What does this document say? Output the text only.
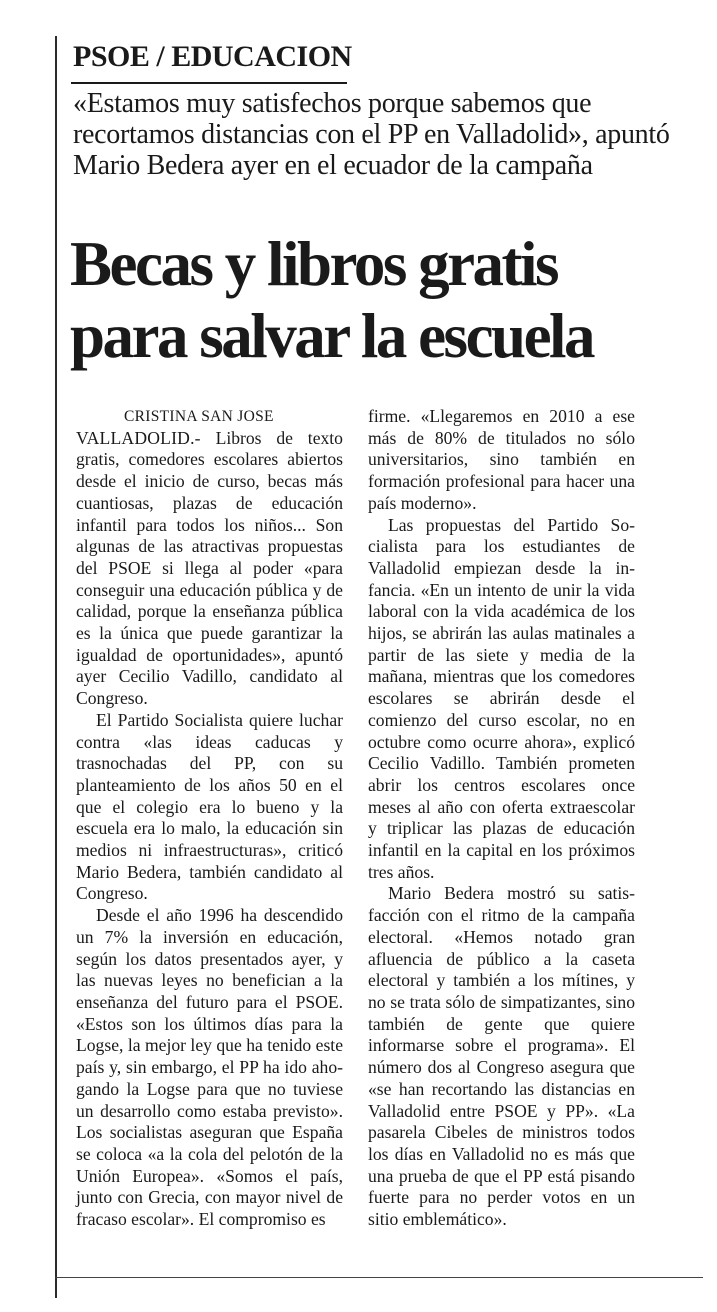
PSOE / EDUCACION
«Estamos muy satisfechos porque sabemos que recortamos distancias con el PP en Valladolid», apuntó Mario Bedera ayer en el ecuador de la campaña
Becas y libros gratis
para salvar la escuela
CRISTINA SAN JOSE

VALLADOLID.- Libros de texto gratis, comedores escolares abiertos desde el inicio de curso, becas más cuantiosas, plazas de educación infantil para todos los niños... Son algunas de las atractivas propuestas del PSOE si llega al poder «para conseguir una educación pública y de calidad, porque la enseñanza pública es la única que puede garantizar la igualdad de oportunidades», apuntó ayer Cecilio Vadillo, candidato al Congreso.

El Partido Socialista quiere luchar contra «las ideas caducas y trasnochadas del PP, con su planteamiento de los años 50 en el que el colegio era lo bueno y la escuela era lo malo, la educación sin medios ni infraestructuras», criticó Mario Bedera, también candidato al Congreso.

Desde el año 1996 ha descendido un 7% la inversión en educación, según los datos presentados ayer, y las nuevas leyes no benefician a la enseñanza del futuro para el PSOE. «Estos son los últimos días para la Logse, la mejor ley que ha tenido este país y, sin embargo, el PP ha ido ahogando la Logse para que no tuviese un desarrollo como estaba previsto». Los socialistas aseguran que España se coloca «a la cola del pelotón de la Unión Europea». «Somos el país, junto con Grecia, con mayor nivel de fracaso escolar». El compromiso es

firme. «Llegaremos en 2010 a ese más de 80% de titulados no sólo universitarios, sino también en formación profesional para hacer una país moderno».

Las propuestas del Partido Socialista para los estudiantes de Valladolid empiezan desde la infancia. «En un intento de unir la vida laboral con la vida académica de los hijos, se abrirán las aulas matinales a partir de las siete y media de la mañana, mientras que los comedores escolares se abrirán desde el comienzo del curso escolar, no en octubre como ocurre ahora», explicó Cecilio Vadillo. También prometen abrir los centros escolares once meses al año con oferta extraescolar y triplicar las plazas de educación infantil en la capital en los próximos tres años.

Mario Bedera mostró su satisfacción con el ritmo de la campaña electoral. «Hemos notado gran afluencia de público a la caseta electoral y también a los mítines, y no se trata sólo de simpatizantes, sino también de gente que quiere informarse sobre el programa». El número dos al Congreso asegura que «se han recortando las distancias en Valladolid entre PSOE y PP». «La pasarela Cibeles de ministros todos los días en Valladolid no es más que una prueba de que el PP está pisando fuerte para no perder votos en un sitio emblemático».
